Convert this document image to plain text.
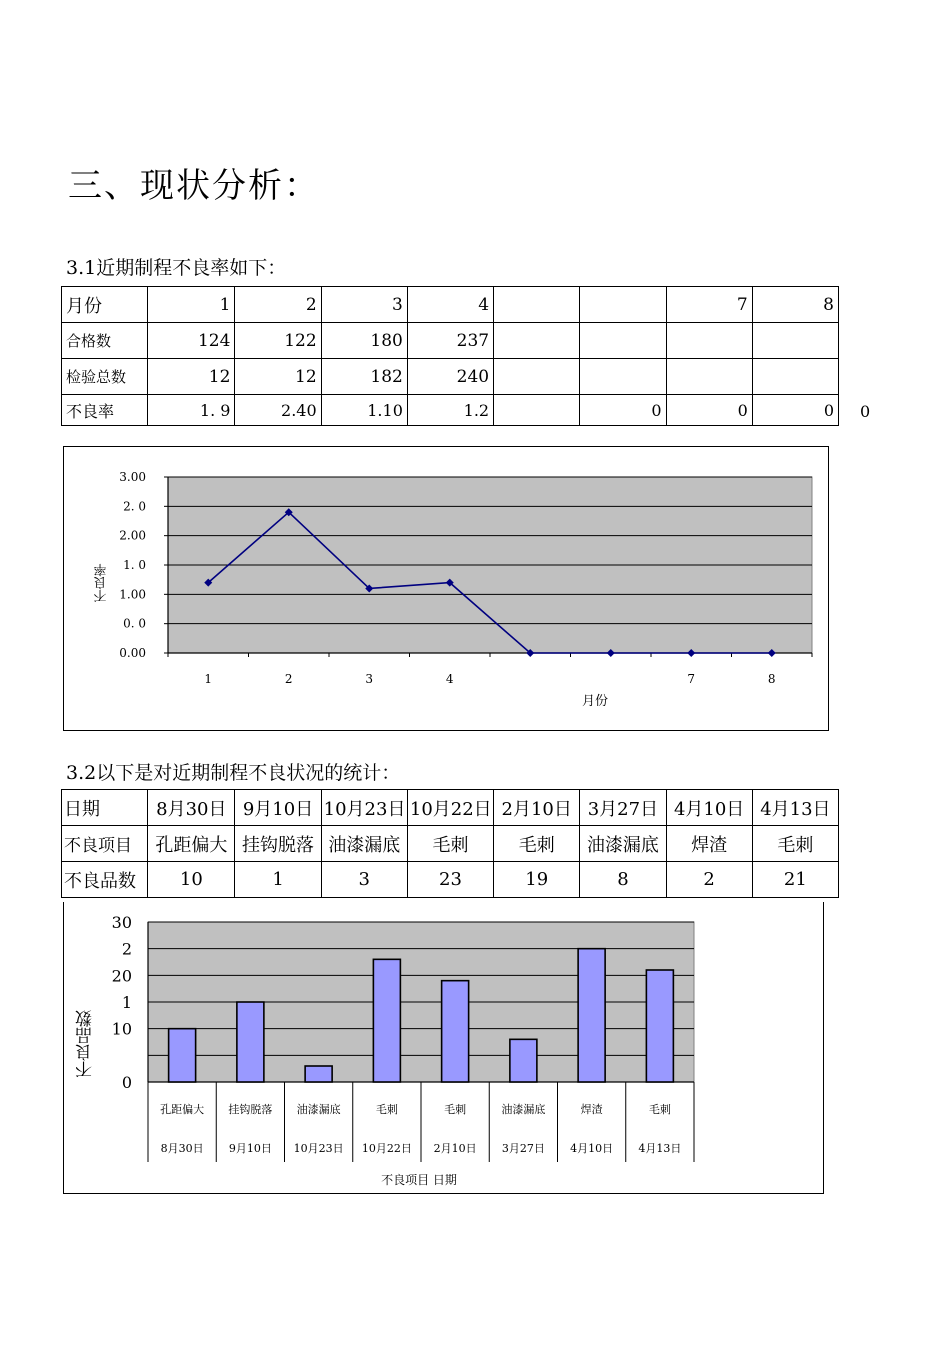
三、现状分析：
3.1近期制程不良率如下：
月份	1	2	3	4			7	8
合格数	124	122	180	237				
检验总数	12	12	182	240				
不良率	1. 9	2.40	1.10	1.2		0	0	0 0
3.00
2. 0
2.00
1. 0
1.00
0. 0
0.00
1	2	3	4	7	8
月份
不良率
3.2以下是对近期制程不良状况的统计：
日期	8月30日	9月10日	10月23日	10月22日	2月10日	3月27日	4月10日	4月13日
不良项目	孔距偏大	挂钩脱落	油漆漏底	毛刺	毛刺	油漆漏底	焊渣	毛刺
不良品数	10	1	3	23	19	8	2	21
30
2
20
1
10
0
孔距偏大 挂钩脱落 油漆漏底	毛刺	毛刺	油漆漏底	焊渣	毛刺
8月30日 9月10日 10月23日 10月22日 2月10日 3月27日 4月10日 4月13日
不良项目 日期
不良品数
